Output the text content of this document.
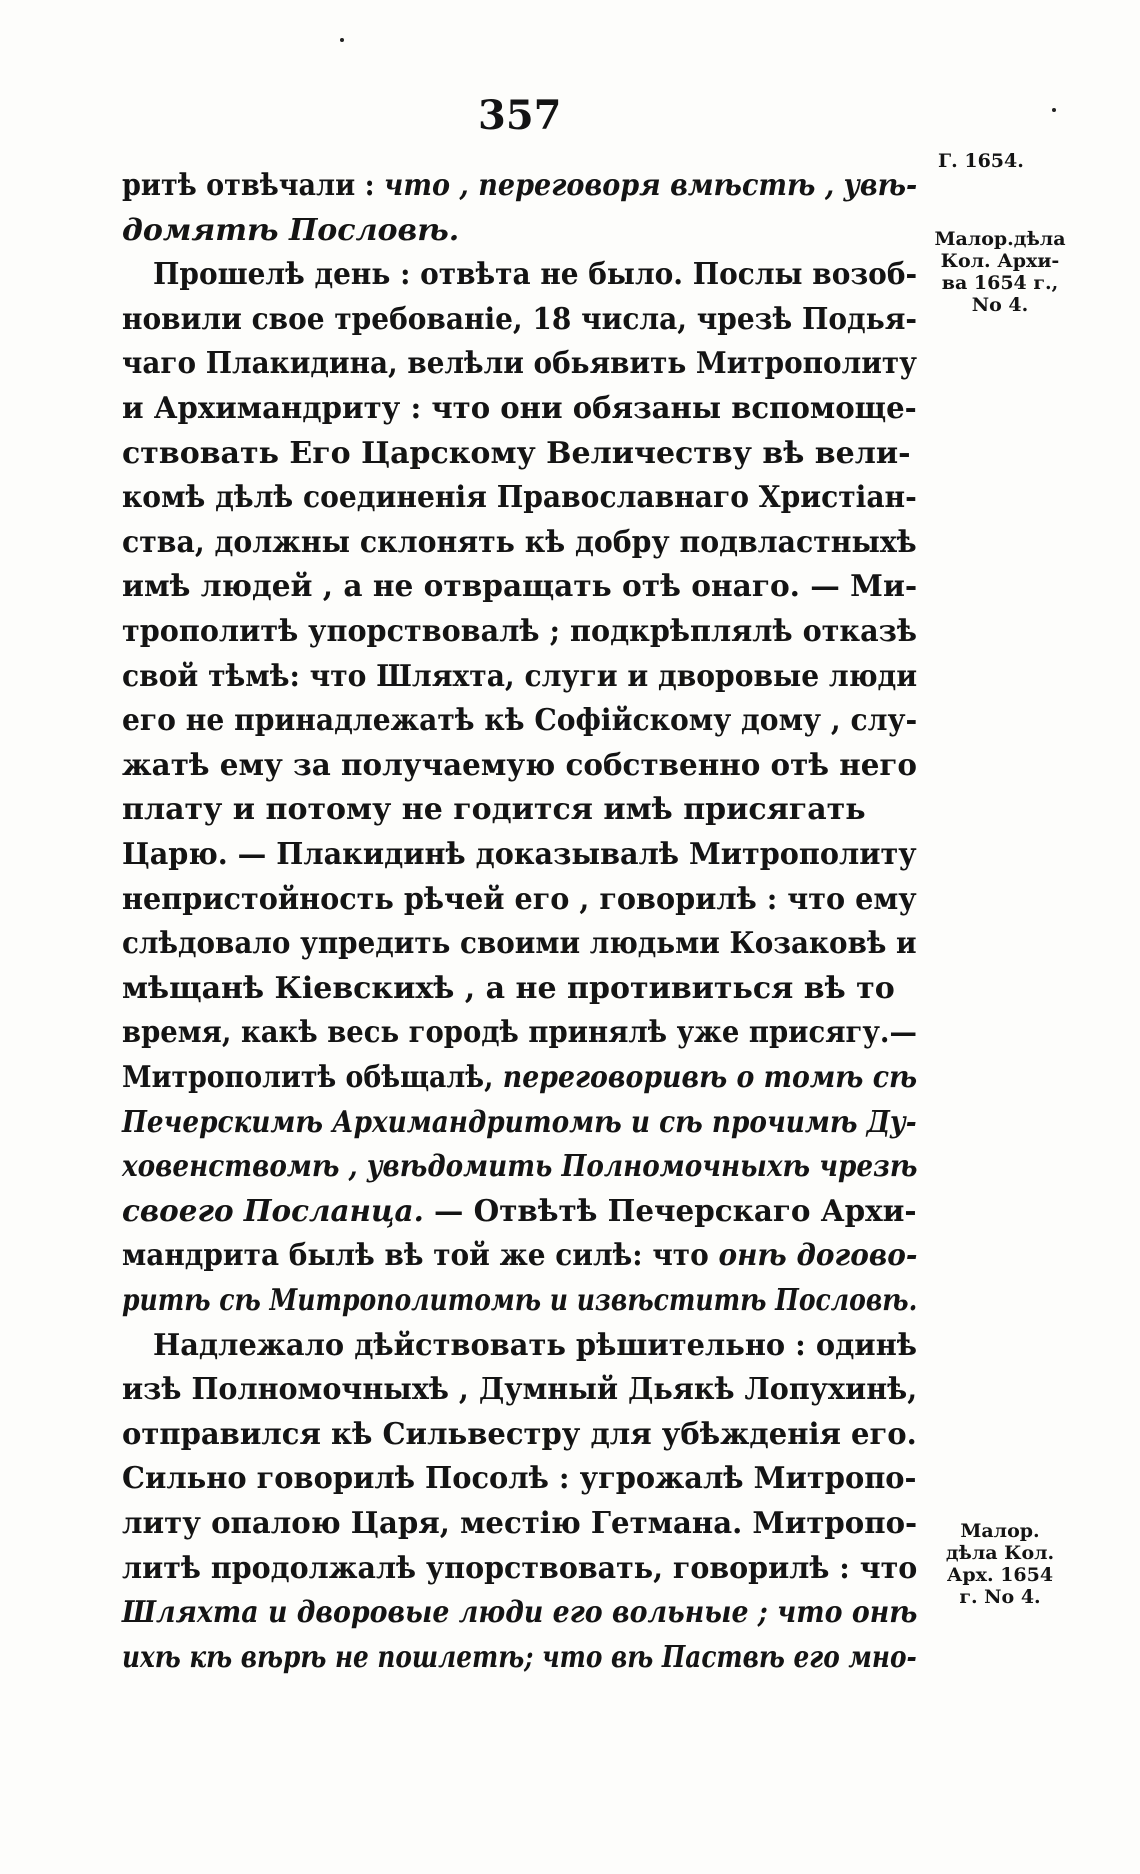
357
ритѣ отвѣчали : что , переговоря вмѣстѣ , увѣ-
домятѣ Пословѣ.
Прошелѣ день : отвѣта не было. Послы возоб-
новили свое требованіе, 18 числа, чрезѣ Подья-
чаго Плакидина, велѣли обьявить Митрополиту
и Архимандриту : что они обязаны вспомоще-
ствовать Его Царскому Величеству вѣ вели-
комѣ дѣлѣ соединенія Православнаго Христіан-
ства, должны склонять кѣ добру подвластныхѣ
имѣ людей , а не отвращать отѣ онаго. — Ми-
трополитѣ упорствовалѣ ; подкрѣплялѣ отказѣ
свой тѣмѣ: что Шляхта, слуги и дворовые люди
его не принадлежатѣ кѣ Софійскому дому , слу-
жатѣ ему за получаемую собственно отѣ него
плату и потому не годится имѣ присягать
Царю. — Плакидинѣ доказывалѣ Митрополиту
непристойность рѣчей его , говорилѣ : что ему
слѣдовало упредить своими людьми Козаковѣ и
мѣщанѣ Кіевскихѣ , а не противиться вѣ то
время, какѣ весь городѣ принялѣ уже присягу.—
Митрополитѣ обѣщалѣ, переговоривѣ о томѣ сѣ
Печерскимѣ Архимандритомѣ и сѣ прочимѣ Ду-
ховенствомѣ , увѣдомить Полномочныхѣ чрезѣ
своего Посланца. — Отвѣтѣ Печерскаго Архи-
мандрита былѣ вѣ той же силѣ: что онѣ догово-
ритѣ сѣ Митрополитомѣ и извѣститѣ Пословѣ.
Надлежало дѣйствовать рѣшительно : одинѣ
изѣ Полномочныхѣ , Думный Дьякѣ Лопухинѣ,
отправился кѣ Сильвестру для убѣжденія его.
Сильно говорилѣ Посолѣ : угрожалѣ Митропо-
литу опалою Царя, местію Гетмана. Митропо-
литѣ продолжалѣ упорствовать, говорилѣ : что
Шляхта и дворовые люди его вольные ; что онѣ
ихѣ кѣ вѣрѣ не пошлетѣ; что вѣ Паствѣ его мно-
Г. 1654.
Малор.дѣла
Кол. Архи-
ва 1654 г.,
No 4.
Малор.
дѣла Кол.
Арх. 1654
г. No 4.
